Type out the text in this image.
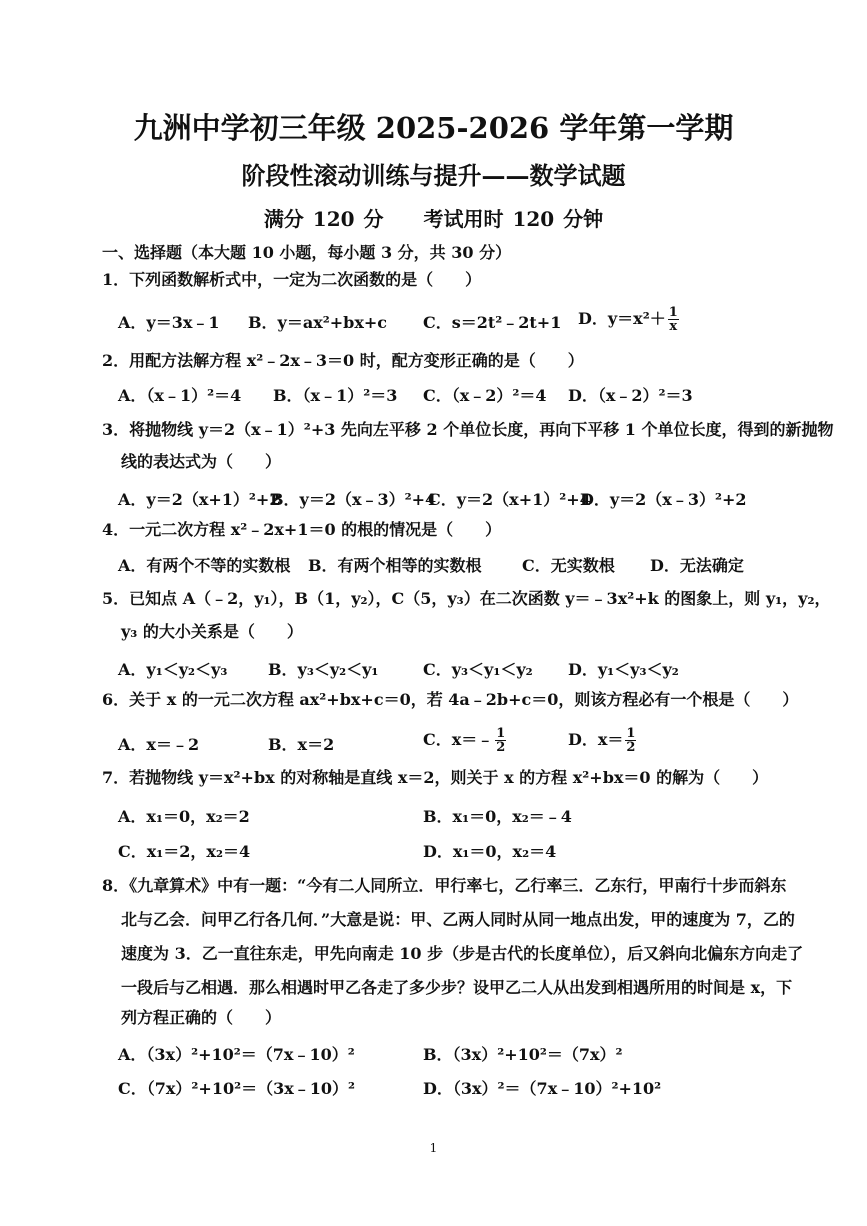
九洲中学初三年级 2025-2026 学年第一学期
阶段性滚动训练与提升——数学试题
满分 120 分　　考试用时 120 分钟
一、选择题（本大题 10 小题，每小题 3 分，共 30 分）
1．下列函数解析式中，一定为二次函数的是（　　）
A．y＝3x﹣1 B．y＝ax²+bx+c C．s＝2t²﹣2t+1 D．$y=x^2+ \frac{1}{x}$
2．用配方法解方程 x²﹣2x﹣3＝0 时，配方变形正确的是（　　）
A．（x﹣1）²＝4 B．（x﹣1）²＝3 C．（x﹣2）²＝4 D．（x﹣2）²＝3
3．将抛物线 y＝2（x﹣1）²+3 先向左平移 2 个单位长度，再向下平移 1 个单位长度，得到的新抛物
线的表达式为（　　）
A．y＝2（x+1）²+2
B．y＝2（x﹣3）²+4
C．y＝2（x+1）²+4
D．y＝2（x﹣3）²+2
4．一元二次方程 x²﹣2x+1＝0 的根的情况是（　　）
A．有两个不等的实数根 B．有两个相等的实数根	C．无实数根 D．无法确定
5．已知点 A（﹣2，y₁），B（1，y₂），C（5，y₃）在二次函数 y＝﹣3x²+k 的图象上，则 y₁，y₂，
y₃ 的大小关系是（　　）
A．y₁＜y₂＜y₃	B．y₃＜y₂＜y₁	C．y₃＜y₁＜y₂ D．y₁＜y₃＜y₂
6．关于 x 的一元二次方程 ax²+bx+c＝0，若 4a﹣2b+c＝0，则该方程必有一个根是（　　）
A．x＝﹣2	B．x＝2	C．x＝﹣ $\frac{1}{2}$	D．$x= \frac{1}{2}$
7．若抛物线 y＝x²+bx 的对称轴是直线 x＝2，则关于 x 的方程 x²+bx＝0 的解为（　　）
A．x₁＝0，x₂＝2	B．x₁＝0，x₂＝﹣4
C．x₁＝2，x₂＝4	D．x₁＝0，x₂＝4
8．《九章算术》中有一题：“今有二人同所立．甲行率七，乙行率三．乙东行，甲南行十步而斜东
北与乙会．问甲乙行各几何．”大意是说：甲、乙两人同时从同一地点出发，甲的速度为 7，乙的
速度为 3．乙一直往东走，甲先向南走 10 步（步是古代的长度单位），后又斜向北偏东方向走了
一段后与乙相遇．那么相遇时甲乙各走了多少步？设甲乙二人从出发到相遇所用的时间是 x，下
列方程正确的（　　）
A．（3x）²+10²＝（7x﹣10）²	B．（3x）²+10²＝（7x）²
C．（7x）²+10²＝（3x﹣10）²	D．（3x）²＝（7x﹣10）²+10²
1
